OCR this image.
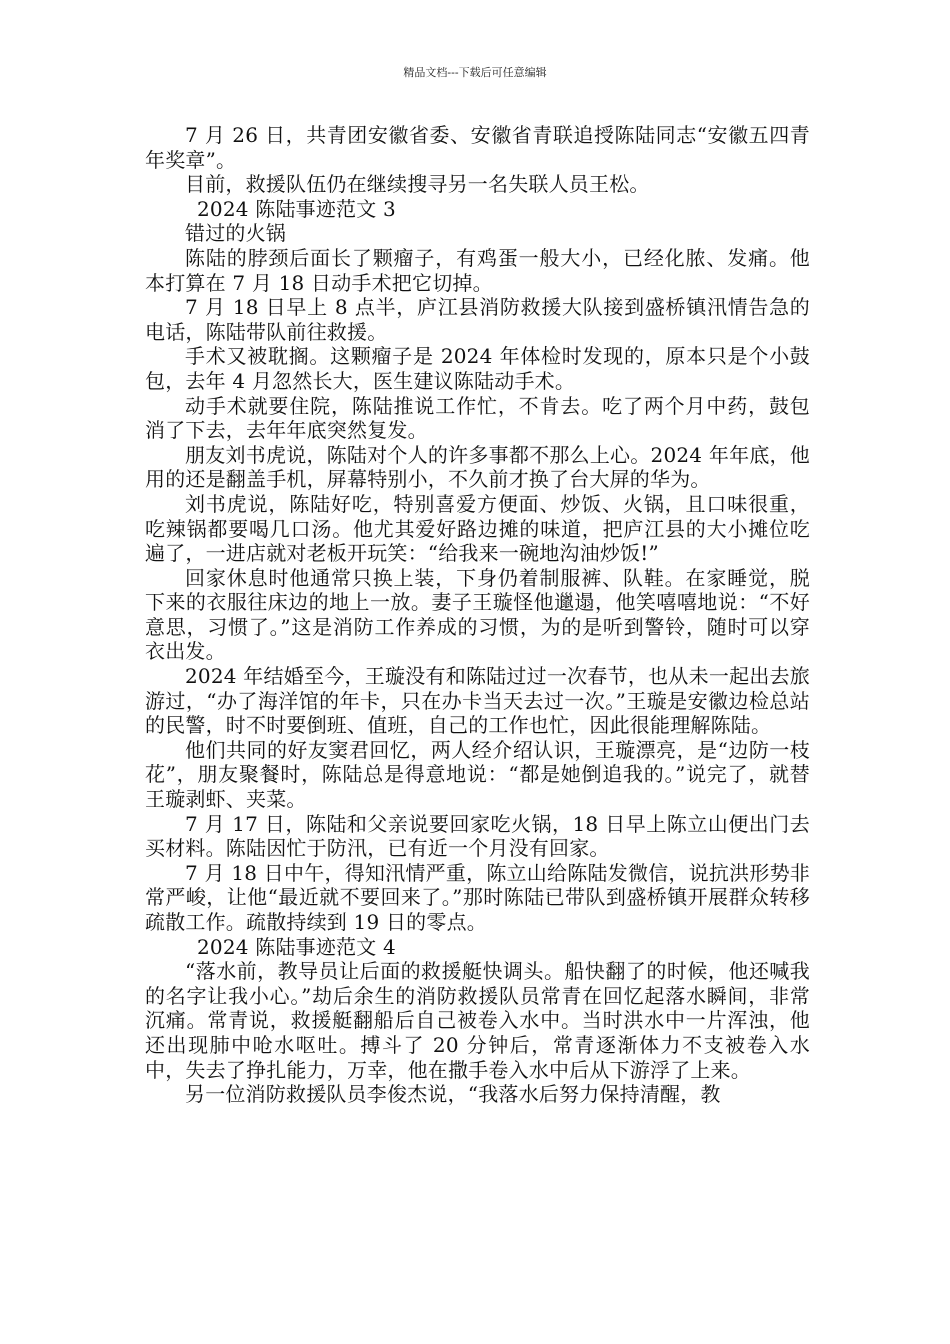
精品文档---下载后可任意编辑

7 月 26 日，共青团安徽省委、安徽省青联追授陈陆同志“安徽五四青年奖章”。

目前，救援队伍仍在继续搜寻另一名失联人员王松。

2024 陈陆事迹范文 3

错过的火锅

陈陆的脖颈后面长了颗瘤子，有鸡蛋一般大小，已经化脓、发痛。他本打算在 7 月 18 日动手术把它切掉。

7 月 18 日早上 8 点半，庐江县消防救援大队接到盛桥镇汛情告急的电话，陈陆带队前往救援。

手术又被耽搁。这颗瘤子是 2024 年体检时发现的，原本只是个小鼓包，去年 4 月忽然长大，医生建议陈陆动手术。

动手术就要住院，陈陆推说工作忙，不肯去。吃了两个月中药，鼓包消了下去，去年年底突然复发。

朋友刘书虎说，陈陆对个人的许多事都不那么上心。2024 年年底，他用的还是翻盖手机，屏幕特别小，不久前才换了台大屏的华为。

刘书虎说，陈陆好吃，特别喜爱方便面、炒饭、火锅，且口味很重，吃辣锅都要喝几口汤。他尤其爱好路边摊的味道，把庐江县的大小摊位吃遍了，一进店就对老板开玩笑：“给我来一碗地沟油炒饭!”

回家休息时他通常只换上装，下身仍着制服裤、队鞋。在家睡觉，脱下来的衣服往床边的地上一放。妻子王璇怪他邋遢，他笑嘻嘻地说：“不好意思，习惯了。”这是消防工作养成的习惯，为的是听到警铃，随时可以穿衣出发。

2024 年结婚至今，王璇没有和陈陆过过一次春节，也从未一起出去旅游过，“办了海洋馆的年卡，只在办卡当天去过一次。”王璇是安徽边检总站的民警，时不时要倒班、值班，自己的工作也忙，因此很能理解陈陆。

他们共同的好友窦君回忆，两人经介绍认识，王璇漂亮，是“边防一枝花”，朋友聚餐时，陈陆总是得意地说：“都是她倒追我的。”说完了，就替王璇剥虾、夹菜。

7 月 17 日，陈陆和父亲说要回家吃火锅，18 日早上陈立山便出门去买材料。陈陆因忙于防汛，已有近一个月没有回家。

7 月 18 日中午，得知汛情严重，陈立山给陈陆发微信，说抗洪形势非常严峻，让他“最近就不要回来了。”那时陈陆已带队到盛桥镇开展群众转移疏散工作。疏散持续到 19 日的零点。

2024 陈陆事迹范文 4

“落水前，教导员让后面的救援艇快调头。船快翻了的时候，他还喊我的名字让我小心。”劫后余生的消防救援队员常青在回忆起落水瞬间，非常沉痛。常青说，救援艇翻船后自己被卷入水中。当时洪水中一片浑浊，他还出现肺中呛水呕吐。搏斗了 20 分钟后，常青逐渐体力不支被卷入水中，失去了挣扎能力，万幸，他在撒手卷入水中后从下游浮了上来。

另一位消防救援队员李俊杰说，“我落水后努力保持清醒，教
